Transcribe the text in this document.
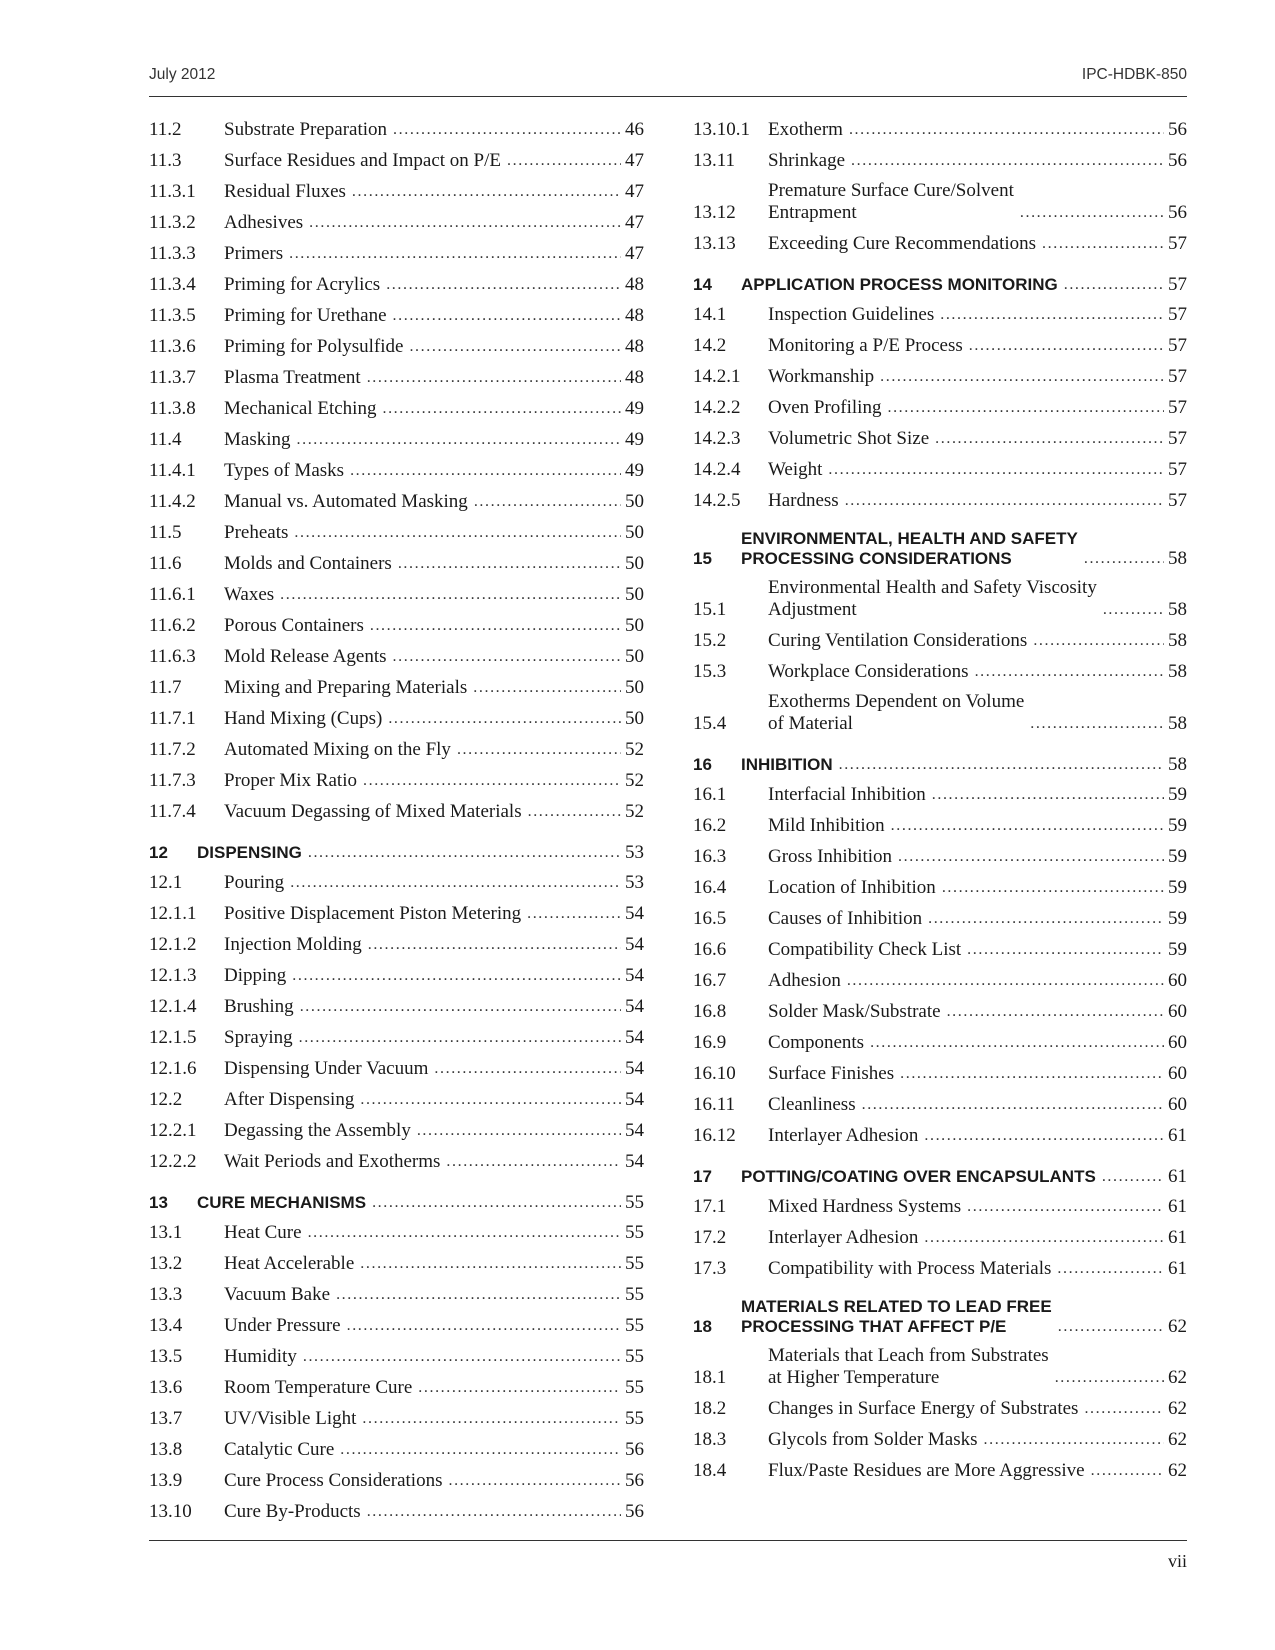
July 2012	IPC-HDBK-850
11.2	Substrate Preparation .....	46
11.3	Surface Residues and Impact on P/E .....	47
11.3.1	Residual Fluxes .....	47
11.3.2	Adhesives .....	47
11.3.3	Primers .....	47
11.3.4	Priming for Acrylics .....	48
11.3.5	Priming for Urethane .....	48
11.3.6	Priming for Polysulfide .....	48
11.3.7	Plasma Treatment .....	48
11.3.8	Mechanical Etching .....	49
11.4	Masking .....	49
11.4.1	Types of Masks .....	49
11.4.2	Manual vs. Automated Masking .....	50
11.5	Preheats .....	50
11.6	Molds and Containers .....	50
11.6.1	Waxes .....	50
11.6.2	Porous Containers .....	50
11.6.3	Mold Release Agents .....	50
11.7	Mixing and Preparing Materials .....	50
11.7.1	Hand Mixing (Cups) .....	50
11.7.2	Automated Mixing on the Fly .....	52
11.7.3	Proper Mix Ratio .....	52
11.7.4	Vacuum Degassing of Mixed Materials .....	52
12	DISPENSING .....	53
12.1	Pouring .....	53
12.1.1	Positive Displacement Piston Metering .....	54
12.1.2	Injection Molding .....	54
12.1.3	Dipping .....	54
12.1.4	Brushing .....	54
12.1.5	Spraying .....	54
12.1.6	Dispensing Under Vacuum .....	54
12.2	After Dispensing .....	54
12.2.1	Degassing the Assembly .....	54
12.2.2	Wait Periods and Exotherms .....	54
13	CURE MECHANISMS .....	55
13.1	Heat Cure .....	55
13.2	Heat Accelerable .....	55
13.3	Vacuum Bake .....	55
13.4	Under Pressure .....	55
13.5	Humidity .....	55
13.6	Room Temperature Cure .....	55
13.7	UV/Visible Light .....	55
13.8	Catalytic Cure .....	56
13.9	Cure Process Considerations .....	56
13.10	Cure By-Products .....	56
13.10.1 Exotherm .....	56
13.11	Shrinkage .....	56
13.12
Premature Surface Cure/Solvent
Entrapment .....	56
13.13	Exceeding Cure Recommendations .....	57
14	APPLICATION PROCESS MONITORING .....	57
14.1	Inspection Guidelines .....	57
14.2	Monitoring a P/E Process .....	57
14.2.1	Workmanship .....	57
14.2.2	Oven Profiling .....	57
14.2.3	Volumetric Shot Size .....	57
14.2.4	Weight .....	57
14.2.5	Hardness .....	57
15
ENVIRONMENTAL, HEALTH AND SAFETY
PROCESSING CONSIDERATIONS .....	58
15.1
Environmental Health and Safety Viscosity
Adjustment .....	58
15.2	Curing Ventilation Considerations .....	58
15.3	Workplace Considerations .....	58
15.4
Exotherms Dependent on Volume
of Material .....	58
16	INHIBITION .....	58
16.1	Interfacial Inhibition .....	59
16.2	Mild Inhibition .....	59
16.3	Gross Inhibition .....	59
16.4	Location of Inhibition .....	59
16.5	Causes of Inhibition .....	59
16.6	Compatibility Check List .....	59
16.7	Adhesion .....	60
16.8	Solder Mask/Substrate .....	60
16.9	Components .....	60
16.10	Surface Finishes .....	60
16.11	Cleanliness .....	60
16.12	Interlayer Adhesion .....	61
17	POTTING/COATING OVER ENCAPSULANTS .....	61
17.1	Mixed Hardness Systems .....	61
17.2	Interlayer Adhesion .....	61
17.3	Compatibility with Process Materials .....	61
18
MATERIALS RELATED TO LEAD FREE
PROCESSING THAT AFFECT P/E .....	62
18.1
Materials that Leach from Substrates
at Higher Temperature .....	62
18.2	Changes in Surface Energy of Substrates .....	62
18.3	Glycols from Solder Masks .....	62
18.4	Flux/Paste Residues are More Aggressive .....	62
vii
